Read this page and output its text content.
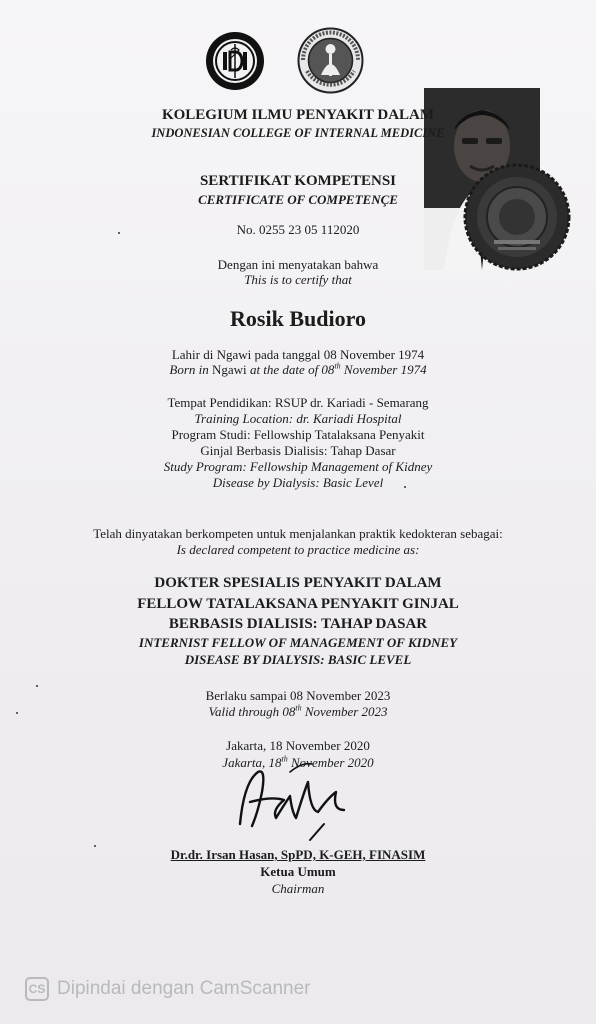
KOLEGIUM ILMU PENYAKIT DALAM
INDONESIAN COLLEGE OF INTERNAL MEDICINE
SERTIFIKAT KOMPETENSI
CERTIFICATE OF COMPETENÇE
No. 0255 23 05 112020
Dengan ini menyatakan bahwa
This is to certify that
Rosik Budioro
Lahir di Ngawi pada tanggal 08 November 1974
Born in Ngawi at the date of 08th November 1974
Tempat Pendidikan: RSUP dr. Kariadi - Semarang
Training Location: dr. Kariadi Hospital
Program Studi: Fellowship Tatalaksana Penyakit
Ginjal Berbasis Dialisis: Tahap Dasar
Study Program: Fellowship Management of Kidney
Disease by Dialysis: Basic Level
Telah dinyatakan berkompeten untuk menjalankan praktik kedokteran sebagai:
Is declared competent to practice medicine as:
DOKTER SPESIALIS PENYAKIT DALAM
FELLOW TATALAKSANA PENYAKIT GINJAL
BERBASIS DIALISIS: TAHAP DASAR
INTERNIST FELLOW OF MANAGEMENT OF KIDNEY
DISEASE BY DIALYSIS: BASIC LEVEL
Berlaku sampai 08 November 2023
Valid through 08th November 2023
Jakarta, 18 November 2020
Jakarta, 18th November 2020
Dr.dr. Irsan Hasan, SpPD, K-GEH, FINASIM
Ketua Umum
Chairman
CS Dipindai dengan CamScanner
